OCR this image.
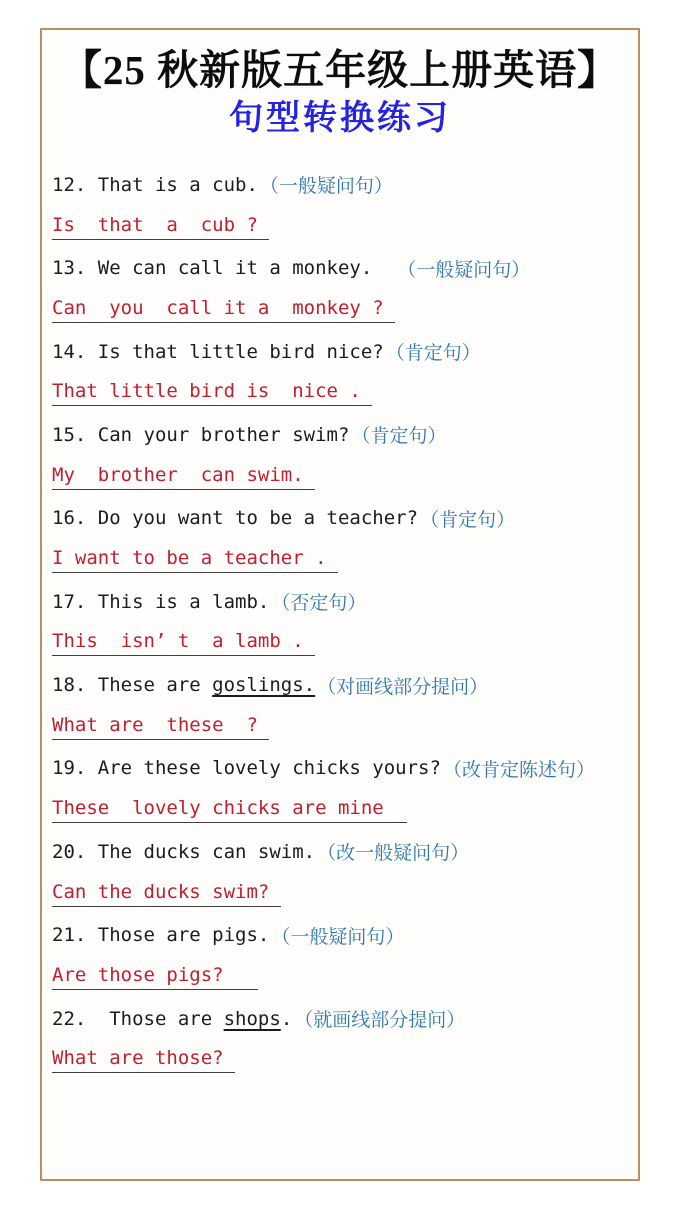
【25 秋新版五年级上册英语】
句型转换练习
12. That is a cub. （一般疑问句）
Is  that  a  cub ?
13. We can call it a monkey. （一般疑问句）
Can  you  call it a  monkey ?
14. Is that little bird nice? （肯定句）
That little bird is  nice .
15. Can your brother swim? （肯定句）
My  brother  can swim.
16. Do you want to be a teacher? （肯定句）
I want to be a teacher .
17. This is a lamb. （否定句）
This  isn’ t  a lamb .
18. These are goslings. （对画线部分提问）
What are  these  ?
19. Are these lovely chicks yours? （改肯定陈述句）
These  lovely chicks are mine
20. The ducks can swim. （改一般疑问句）
Can the ducks swim?
21. Those are pigs. （一般疑问句）
Are those pigs?
22. Those are shops . （就画线部分提问）
What are those?
